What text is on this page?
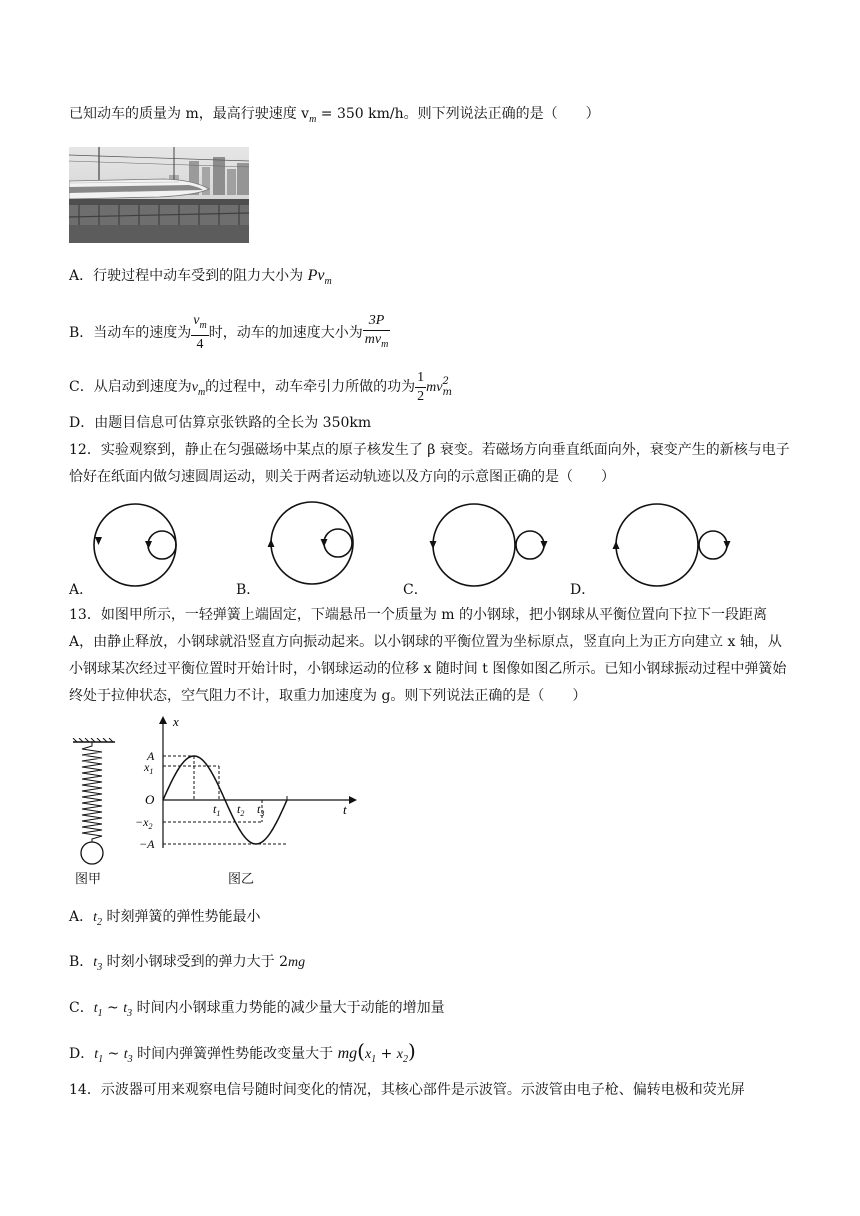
已知动车的质量为 m，最高行驶速度 $v_m = 350$ km/h。则下列说法正确的是（　　）
A．行驶过程中动车受到的阻力大小为 $Pv_m$
B．当动车的速度为 $\frac{v_m}{4}$ 时，动车的加速度大小为 $\frac{3P}{mv_m}$
C．从启动到速度为$v_m$的过程中，动车牵引力所做的功为 $\frac{1}{2}$ mv 2
m
D．由题目信息可估算京张铁路的全长为 350km
12．实验观察到，静止在匀强磁场中某点的原子核发生了 β 衰变。若磁场方向垂直纸面向外，衰变产生的新核与电子恰好在纸面内做匀速圆周运动，则关于两者运动轨迹以及方向的示意图正确的是（　　）
A．	B．	C．	D．
13．如图甲所示，一轻弹簧上端固定，下端悬吊一个质量为 m 的小钢球，把小钢球从平衡位置向下拉下一段距离 A，由静止释放，小钢球就沿竖直方向振动起来。以小钢球的平衡位置为坐标原点，竖直向上为正方向建立 x 轴，从小钢球某次经过平衡位置时开始计时，小钢球运动的位移 x 随时间 t 图像如图乙所示。已知小钢球振动过程中弹簧始终处于拉伸状态，空气阻力不计，取重力加速度为 g。则下列说法正确的是（　　）
图甲
x
t
O
A
$x_1$
$-x_2$
−A
$t_1$ $t_2$ $t_3$
图乙
A．$t_2$ 时刻弹簧的弹性势能最小
B．$t_3$ 时刻小钢球受到的弹力大于 2mg
C．$t_1$ ~ $t_3$ 时间内小钢球重力势能的减少量大于动能的增加量
D．$t_1$ ~ $t_3$ 时间内弹簧弹性势能改变量大于 $mg(x_1 + x_2)$
14．示波器可用来观察电信号随时间变化的情况，其核心部件是示波管。示波管由电子枪、偏转电极和荧光屏
